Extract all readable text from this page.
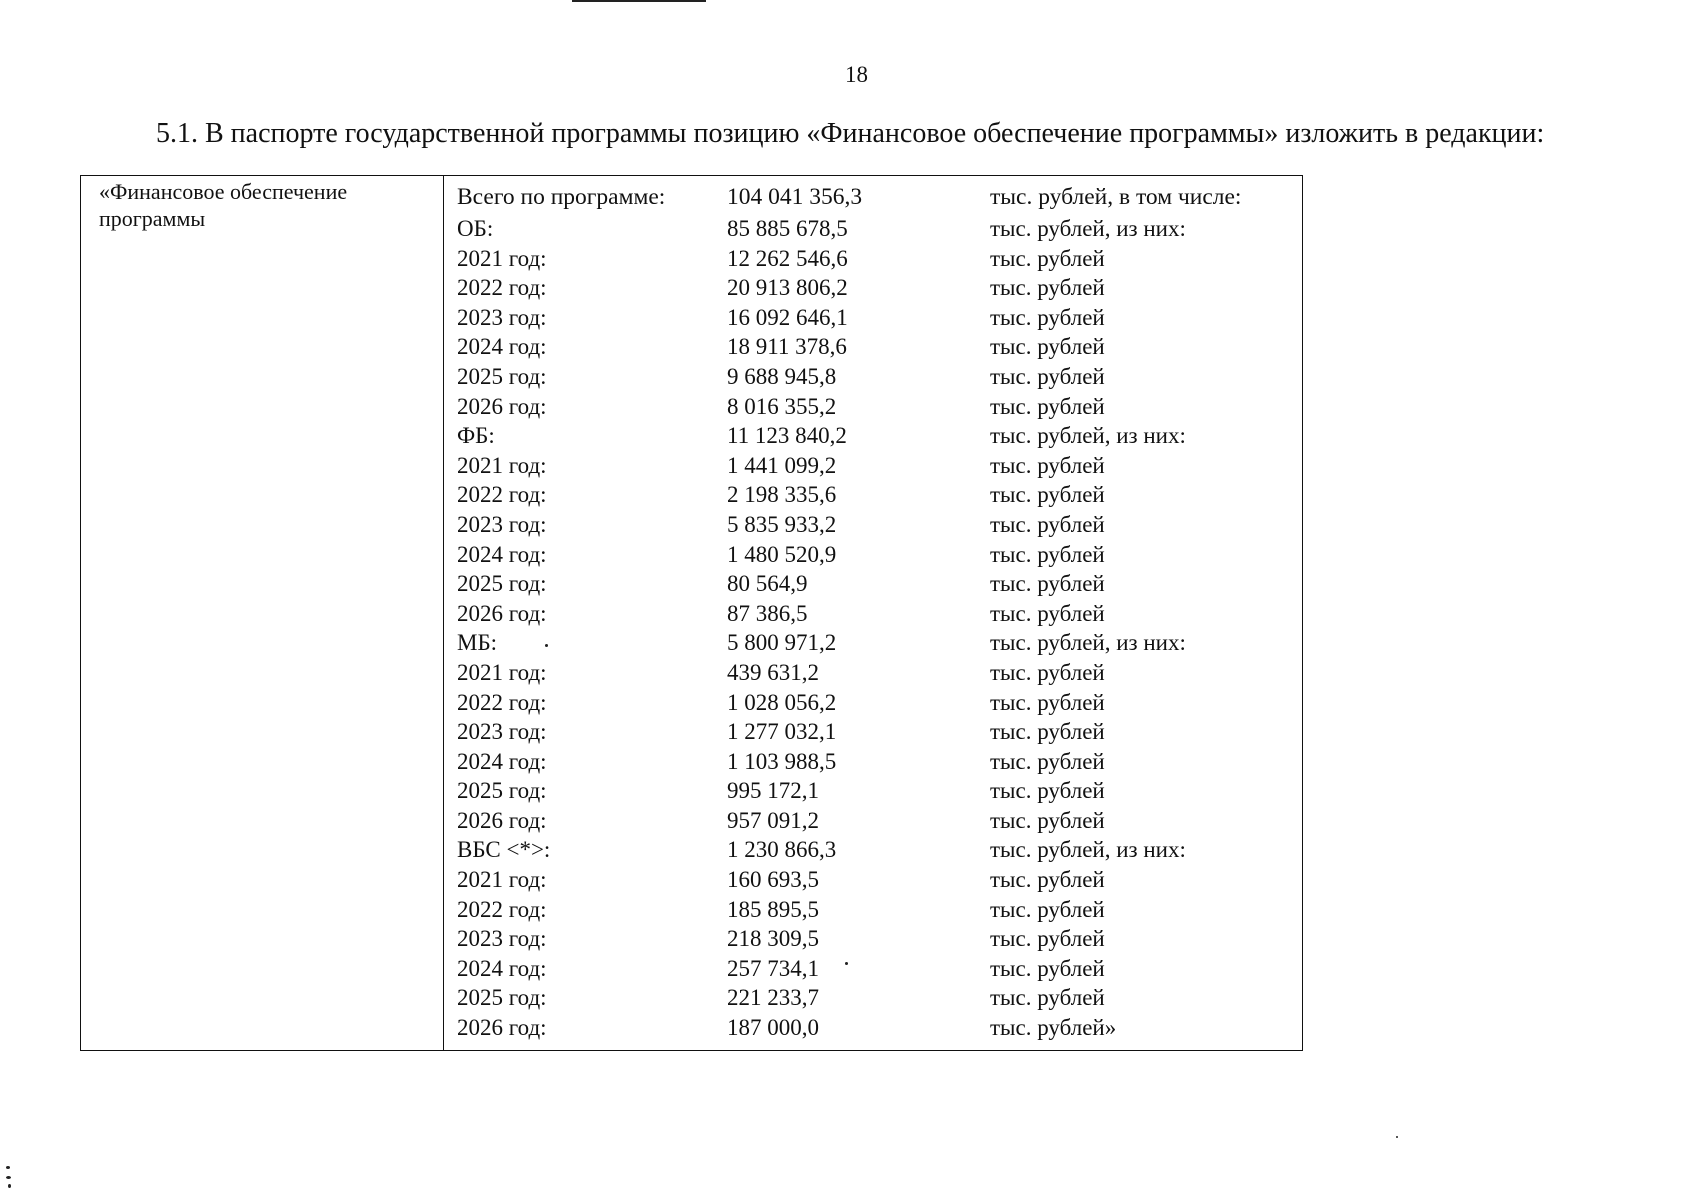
18
5.1. В паспорте государственной программы позицию «Финансовое обеспечение программы» изложить в редакции:
«Финансовое обеспечение программы
Всего по программе:	104 041 356,3	тыс. рублей, в том числе:
ОБ:	85 885 678,5	тыс. рублей, из них:
2021 год:	12 262 546,6	тыс. рублей
2022 год:	20 913 806,2	тыс. рублей
2023 год:	16 092 646,1	тыс. рублей
2024 год:	18 911 378,6	тыс. рублей
2025 год:	9 688 945,8	тыс. рублей
2026 год:	8 016 355,2	тыс. рублей
ФБ:	11 123 840,2	тыс. рублей, из них:
2021 год:	1 441 099,2	тыс. рублей
2022 год:	2 198 335,6	тыс. рублей
2023 год:	5 835 933,2	тыс. рублей
2024 год:	1 480 520,9	тыс. рублей
2025 год:	80 564,9	тыс. рублей
2026 год:	87 386,5	тыс. рублей
МБ:	5 800 971,2	тыс. рублей, из них:
2021 год:	439 631,2	тыс. рублей
2022 год:	1 028 056,2	тыс. рублей
2023 год:	1 277 032,1	тыс. рублей
2024 год:	1 103 988,5	тыс. рублей
2025 год:	995 172,1	тыс. рублей
2026 год:	957 091,2	тыс. рублей
ВБС <*>:	1 230 866,3	тыс. рублей, из них:
2021 год:	160 693,5	тыс. рублей
2022 год:	185 895,5	тыс. рублей
2023 год:	218 309,5	тыс. рублей
2024 год:	257 734,1	тыс. рублей
2025 год:	221 233,7	тыс. рублей
2026 год:	187 000,0	тыс. рублей»
